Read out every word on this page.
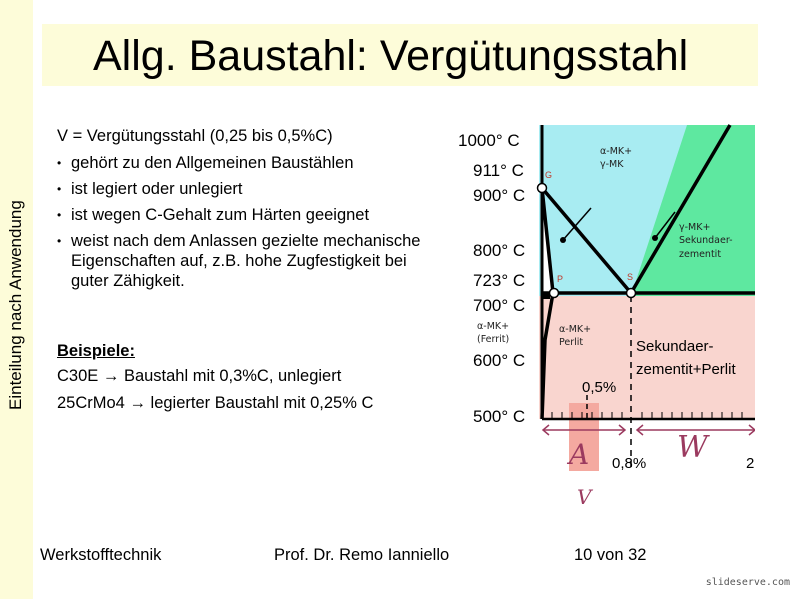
Einteilung nach Anwendung
Allg. Baustahl: Vergütungsstahl
V = Vergütungsstahl (0,25 bis 0,5%C)
• gehört zu den Allgemeinen Baustählen
• ist legiert oder unlegiert
• ist wegen C-Gehalt zum Härten geeignet
• weist nach dem Anlassen gezielte mechanische Eigenschaften auf, z.B. hohe Zugfestigkeit bei guter Zähigkeit.
Beispiele:
C30E → Baustahl mit 0,3%C, unlegiert
25CrMo4 → legierter Baustahl mit 0,25% C
1000° C
911° C
900° C
800° C
723° C
700° C
600° C
500° C
G
P	S
α-MK+
γ-MK
γ-MK+
Sekundaer-
zementit
α-MK+
(Ferrit)
α-MK+
Perlit	Sekundaer-
zementit+Perlit
0,5%
0,8%	2
A	W
V
Werkstofftechnik	Prof. Dr. Remo Ianniello	10 von 32
slideserve.com
